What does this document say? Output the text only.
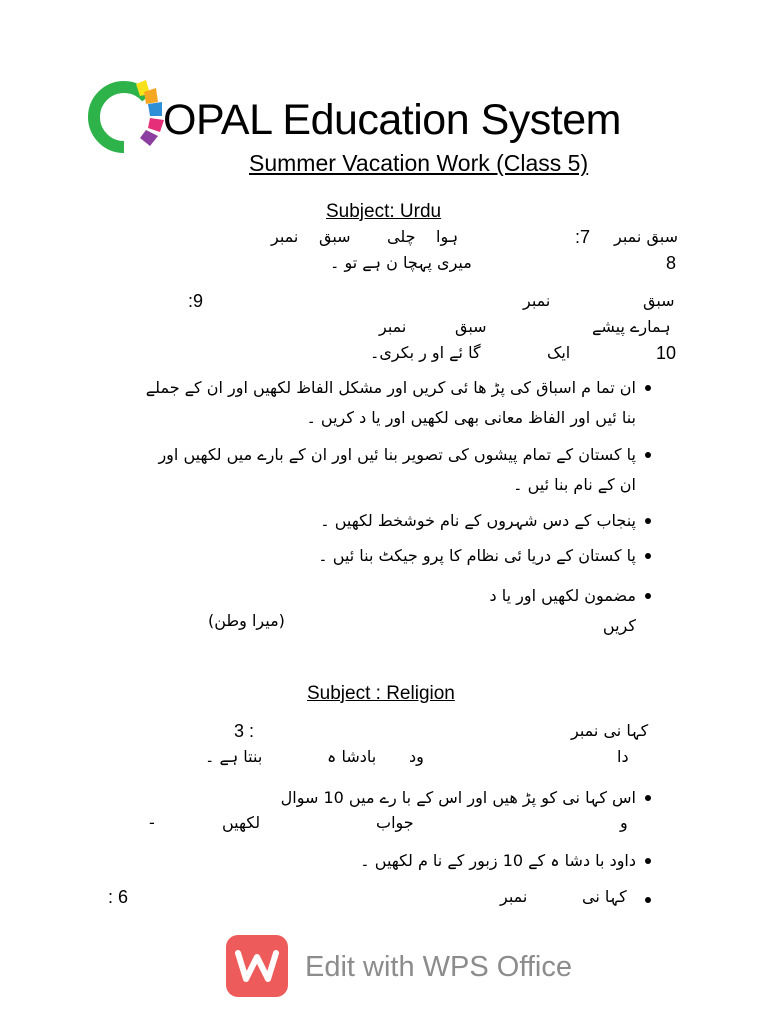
OPAL Education System
Summer Vacation Work (Class 5)
Subject: Urdu
سبق نمبر
:7
ہوا
چلی
سبق
نمبر
میری پہچا ن ہے تو ۔	8
سبق
نمبر
:9
ہمارے پیشے
سبق
نمبر
10
ایک
گا ئے او ر بکری۔
ان تما م اسباق کی پڑ ھا ئی کریں اور مشکل الفاظ لکھیں اور ان کے جملے
بنا ئیں اور الفاظ معانی بھی لکھیں اور یا د کریں ۔
پا کستان کے تمام پیشوں کی تصویر بنا ئیں اور ان کے بارے میں لکھیں اور
ان کے نام بنا ئیں ۔
پنجاب کے دس شہروں کے نام خوشخط لکھیں ۔
پا کستان کے دریا ئی نظام کا پرو جیکٹ بنا ئیں ۔
مضمون لکھیں اور یا د
کریں
(میرا وطن)
Subject : Religion
کہا نی نمبر
3 :
دا
ود
بادشا ہ
بنتا ہے ۔
اس کہا نی کو پڑ ھیں اور اس کے با رے میں 10 سوال
و
جواب
لکھیں
-
داود با دشا ہ کے 10 زبور کے نا م لکھیں ۔
کہا نی
نمبر
: 6
Edit with WPS Office
